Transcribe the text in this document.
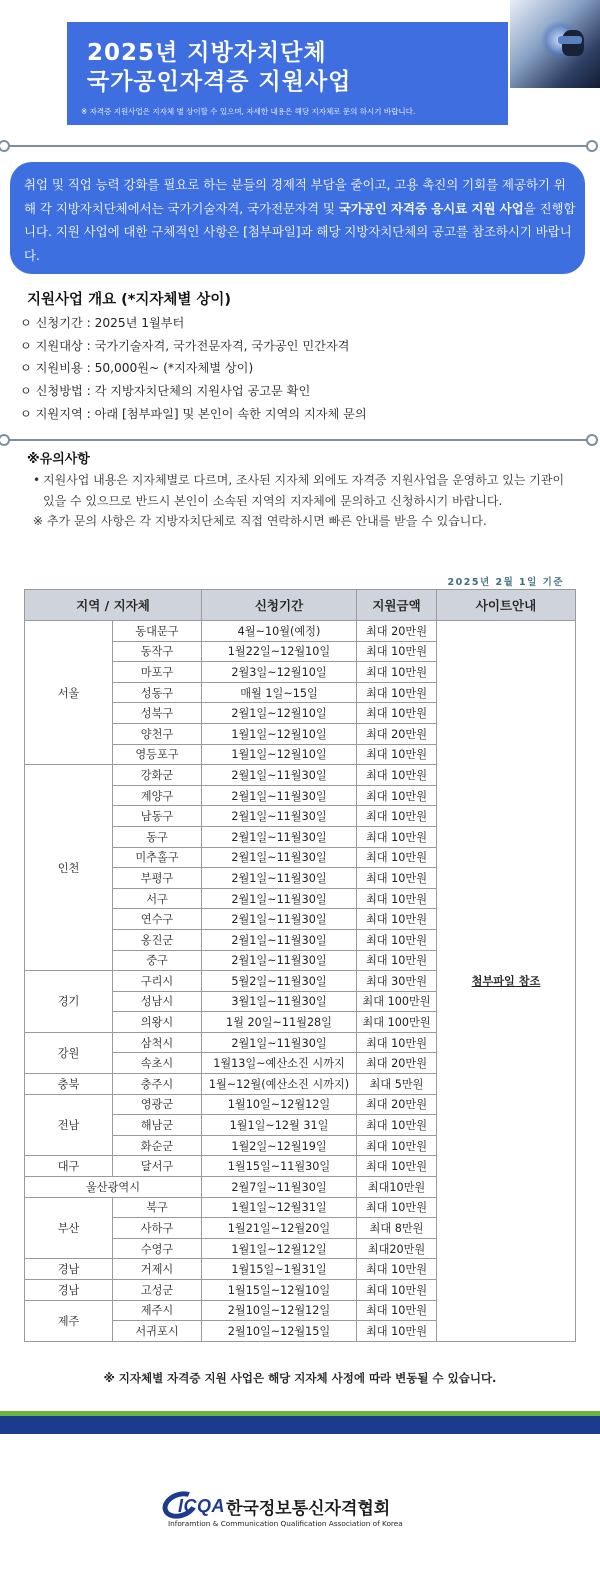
2025년 지방자치단체
국가공인자격증 지원사업
※ 자격증 지원사업은 지자체 별 상이할 수 있으며, 자세한 내용은 해당 지자체로 문의 하시기 바랍니다.

취업 및 직업 능력 강화를 필요로 하는 분들의 경제적 부담을 줄이고, 고용 촉진의 기회를 제공하기 위해 각 지방자치단체에서는 국가기술자격, 국가전문자격 및 국가공인 자격증 응시료 지원 사업을 진행합니다. 지원 사업에 대한 구체적인 사항은 [첨부파일]과 해당 지방자치단체의 공고를 참조하시기 바랍니다.

지원사업 개요 (*지자체별 상이)
ㅇ 신청기간 : 2025년 1월부터
ㅇ 지원대상 : 국가기술자격, 국가전문자격, 국가공인 민간자격
ㅇ 지원비용 : 50,000원~ (*지자체별 상이)
ㅇ 신청방법 : 각 지방자치단체의 지원사업 공고문 확인
ㅇ 지원지역 : 아래 [첨부파일] 및 본인이 속한 지역의 지자체 문의
※유의사항
• 지원사업 내용은 지자체별로 다르며, 조사된 지자체 외에도 자격증 지원사업을 운영하고 있는 기관이 있을 수 있으므로 반드시 본인이 소속된 지역의 지자체에 문의하고 신청하시기 바랍니다.
※ 추가 문의 사항은 각 지방자치단체로 직접 연락하시면 빠른 안내를 받을 수 있습니다.
2025년 2월 1일 기준
지역 / 지자체		신청기간	지원금액	사이트안내
서울	동대문구	4월~10월(예정)	최대 20만원	첨부파일 참조
	동작구	1월22일~12월10일	최대 10만원	
	마포구	2월3일~12월10일	최대 10만원	
	성동구	매월 1일~15일	최대 10만원	
	성북구	2월1일~12월10일	최대 10만원	
	양천구	1월1일~12월10일	최대 20만원	
	영등포구	1월1일~12월10일	최대 10만원	
인천	강화군	2월1일~11월30일	최대 10만원	
	계양구	2월1일~11월30일	최대 10만원	
	남동구	2월1일~11월30일	최대 10만원	
	동구	2월1일~11월30일	최대 10만원	
	미추홀구	2월1일~11월30일	최대 10만원	
	부평구	2월1일~11월30일	최대 10만원	
	서구	2월1일~11월30일	최대 10만원	
	연수구	2월1일~11월30일	최대 10만원	
	옹진군	2월1일~11월30일	최대 10만원	
	중구	2월1일~11월30일	최대 10만원	
경기	구리시	5월2일~11월30일	최대 30만원	
	성남시	3월1일~11월30일	최대 100만원	
	의왕시	1월 20일~11월28일	최대 100만원	
강원	삼척시	2월1일~11월30일	최대 10만원	
	속초시	1월13일~예산소진 시까지	최대 20만원	
충북	충주시	1월~12월(예산소진 시까지)	최대 5만원	
전남	영광군	1월10일~12월12일	최대 20만원	
	해남군	1월1일~12월 31일	최대 10만원	
	화순군	1월2일~12월19일	최대 10만원	
대구	달서구	1월15일~11월30일	최대 10만원	
울산광역시		2월7일~11월30일	최대10만원	
부산	북구	1월1일~12월31일	최대 10만원	
	사하구	1월21일~12월20일	최대 8만원	
	수영구	1월1일~12월12일	최대20만원	
경남	거제시	1월15일~1월31일	최대 10만원	
경남	고성군	1월15일~12월10일	최대 10만원	
제주	제주시	2월10일~12월12일	최대 10만원	
	서귀포시	2월10일~12월15일	최대 10만원	
※ 지자체별 자격증 지원 사업은 해당 지자체 사정에 따라 변동될 수 있습니다.
ICQA 한국정보통신자격협회
Inforamtion & Communication Qualification Association of Korea
